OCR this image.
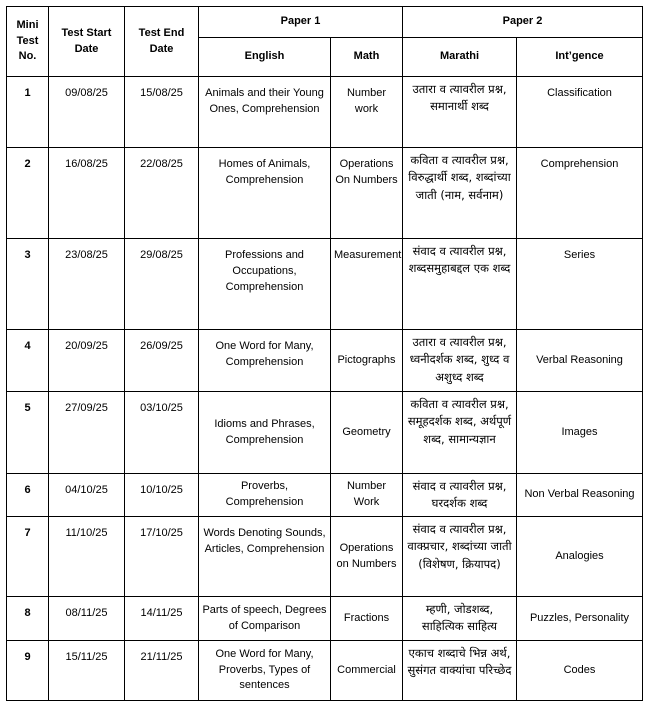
Mini Test No.	Test Start Date	Test End Date	Paper 1		Paper 2	
			English	Math	Marathi	Int’gence
1	09/08/25	15/08/25	Animals and their Young Ones, Comprehension	Number work	उतारा व त्यावरील प्रश्न, समानार्थी शब्द	Classification
2	16/08/25	22/08/25	Homes of Animals, Comprehension	Operations On Numbers	कविता व त्यावरील प्रश्न, विरुद्धार्थी शब्द, शब्दांच्या जाती (नाम, सर्वनाम)	Comprehension
3	23/08/25	29/08/25	Professions and Occupations, Comprehension	Measurement	संवाद व त्यावरील प्रश्न, शब्दसमुहाबद्दल एक शब्द	Series
4	20/09/25	26/09/25	One Word for Many, Comprehension	Pictographs	उतारा व त्यावरील प्रश्न, ध्वनीदर्शक शब्द, शुध्द व अशुध्द शब्द	Verbal Reasoning
5	27/09/25	03/10/25	Idioms and Phrases, Comprehension	Geometry	कविता व त्यावरील प्रश्न, समूहदर्शक शब्द, अर्थपूर्ण शब्द, सामान्यज्ञान	Images
6	04/10/25	10/10/25	Proverbs, Comprehension	Number Work	संवाद व त्यावरील प्रश्न, घरदर्शक शब्द	Non Verbal Reasoning
7	11/10/25	17/10/25	Words Denoting Sounds, Articles, Comprehension	Operations on Numbers	संवाद व त्यावरील प्रश्न, वाक्प्रचार, शब्दांच्या जाती (विशेषण, क्रियापद)	Analogies
8	08/11/25	14/11/25	Parts of speech, Degrees of Comparison	Fractions	म्हणी, जोडशब्द, साहित्यिक साहित्य	Puzzles, Personality
9	15/11/25	21/11/25	One Word for Many, Proverbs, Types of sentences	Commercial	एकाच शब्दाचे भिन्न अर्थ, सुसंगत वाक्यांचा परिच्छेद	Codes
